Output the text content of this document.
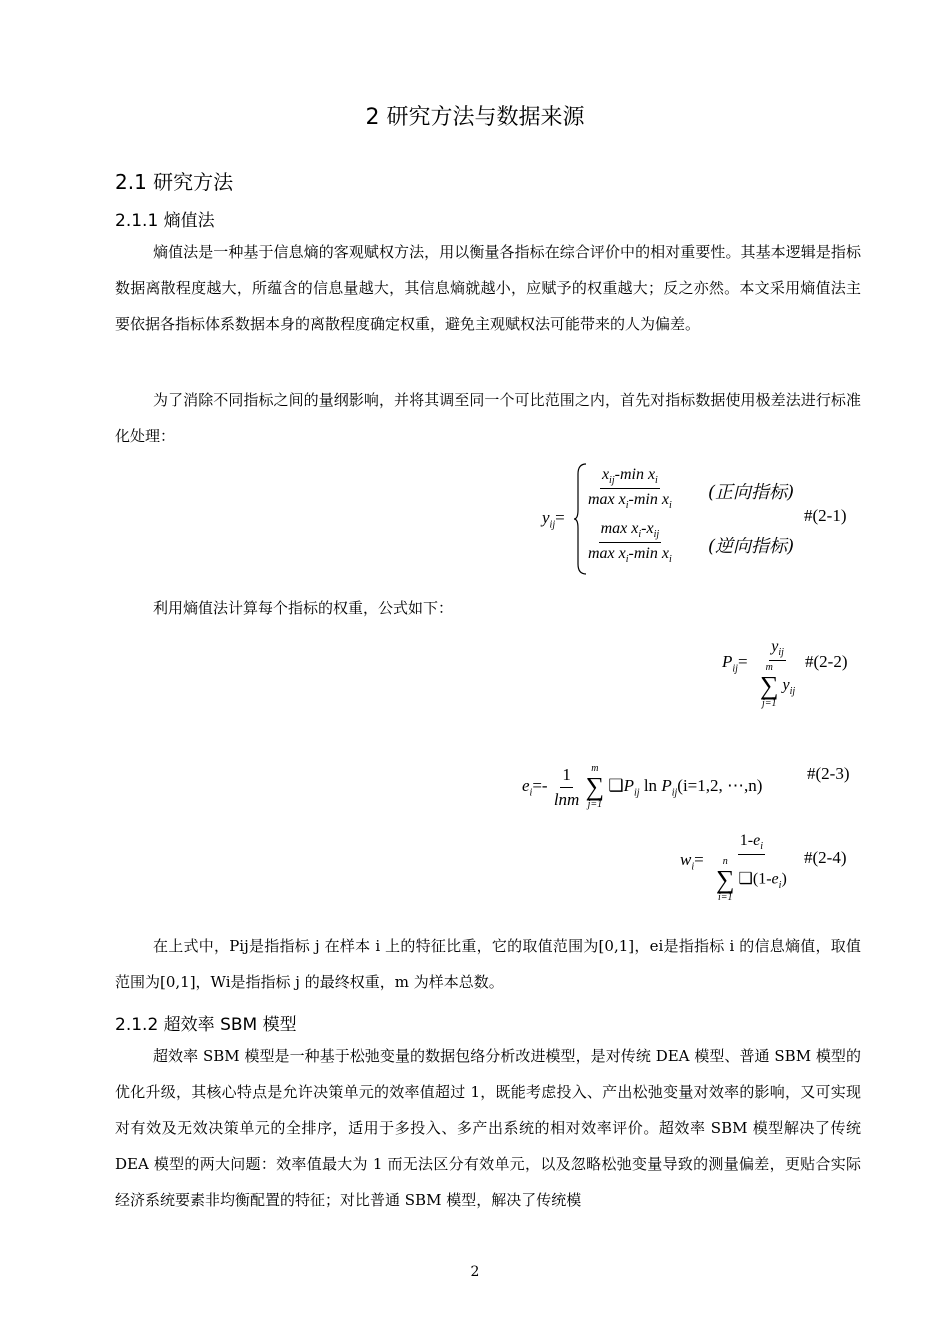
2 研究方法与数据来源
2.1 研究方法
2.1.1 熵值法
熵值法是一种基于信息熵的客观赋权方法，用以衡量各指标在综合评价中的相对重要性。其基本逻辑是指标数据离散程度越大，所蕴含的信息量越大，其信息熵就越小，应赋予的权重越大；反之亦然。本文采用熵值法主要依据各指标体系数据本身的离散程度确定权重，避免主观赋权法可能带来的人为偏差。
为了消除不同指标之间的量纲影响，并将其调至同一个可比范围之内，首先对指标数据使用极差法进行标准化处理：
$y_{ij}=$
$\frac{x_{ij}-\min x_i}{\max x_i-\min x_i}$ (正向指标)
$\frac{\max x_i-x_{ij}}{\max x_i-\min x_i}$ (逆向指标)
#(2-1)
利用熵值法计算每个指标的权重，公式如下：
$P_{ij}= y_{ij}$
m
∑
j=1
$y_{ij}$ #(2-2)
$e_i=- \frac{1}{\ln m}$
m
∑
j=1
$❑P_{ij}$ $\ln P_{ij}(i=1,2$, ⋯,n)
#(2-3)
$w_i= 1-e_i$
n
∑
i=1
$❑(1-e_i)$ #(2-4)
在上式中，Pij是指指标 j 在样本 i 上的特征比重，它的取值范围为[0,1]，ei是指指标 i 的信息熵值，取值范围为[0,1]，Wi是指指标 j 的最终权重，m 为样本总数。
2.1.2 超效率 SBM 模型
超效率 SBM 模型是一种基于松弛变量的数据包络分析改进模型，是对传统 DEA 模型、普通 SBM 模型的优化升级，其核心特点是允许决策单元的效率值超过 1，既能考虑投入、产出松弛变量对效率的影响，又可实现对有效及无效决策单元的全排序，适用于多投入、多产出系统的相对效率评价。超效率 SBM 模型解决了传统 DEA 模型的两大问题：效率值最大为 1 而无法区分有效单元，以及忽略松弛变量导致的测量偏差，更贴合实际经济系统要素非均衡配置的特征；对比普通 SBM 模型，解决了传统模
2
